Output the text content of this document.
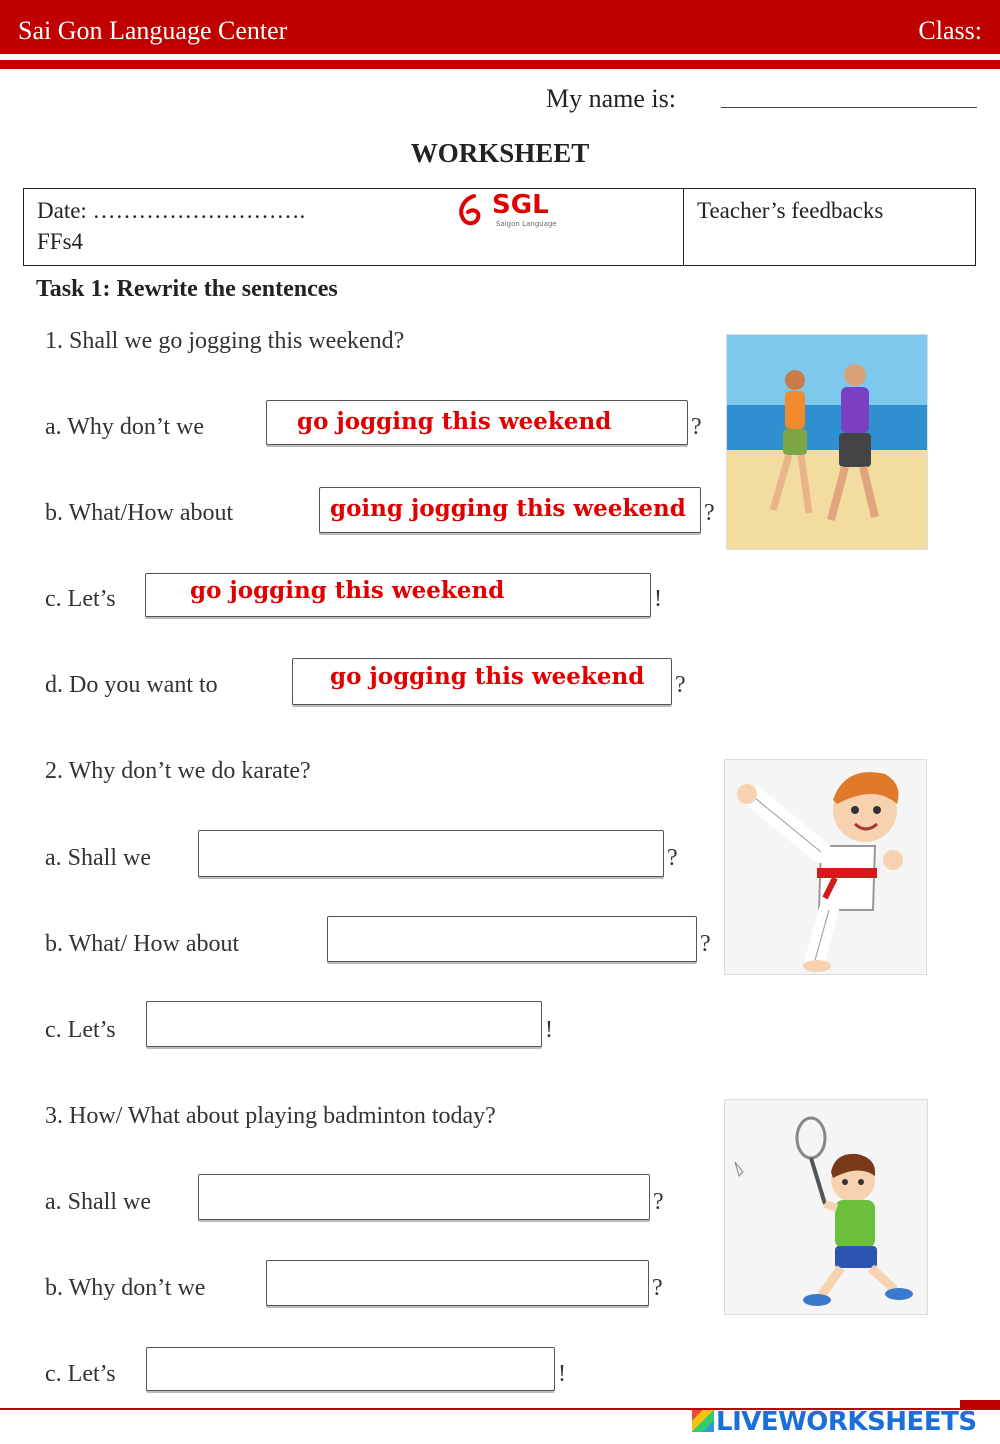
Sai Gon Language Center	Class:
My name is:
WORKSHEET
Date: ……………………….
FFs4
Teacher’s feedbacks
SGL
Saigon Language
Task 1: Rewrite the sentences
1. Shall we go jogging this weekend?
a. Why don’t we	go jogging this weekend	?
b. What/How about	going jogging this weekend ?
c. Let’s	go jogging this weekend	!
d. Do you want to	go jogging this weekend ?
2. Why don’t we do karate?
a. Shall we	?
b. What/ How about	?
c. Let’s	!
3. How/ What about playing badminton today?
a. Shall we	?
b. Why don’t we	?
c. Let’s	!
LIVEWORKSHEETS
